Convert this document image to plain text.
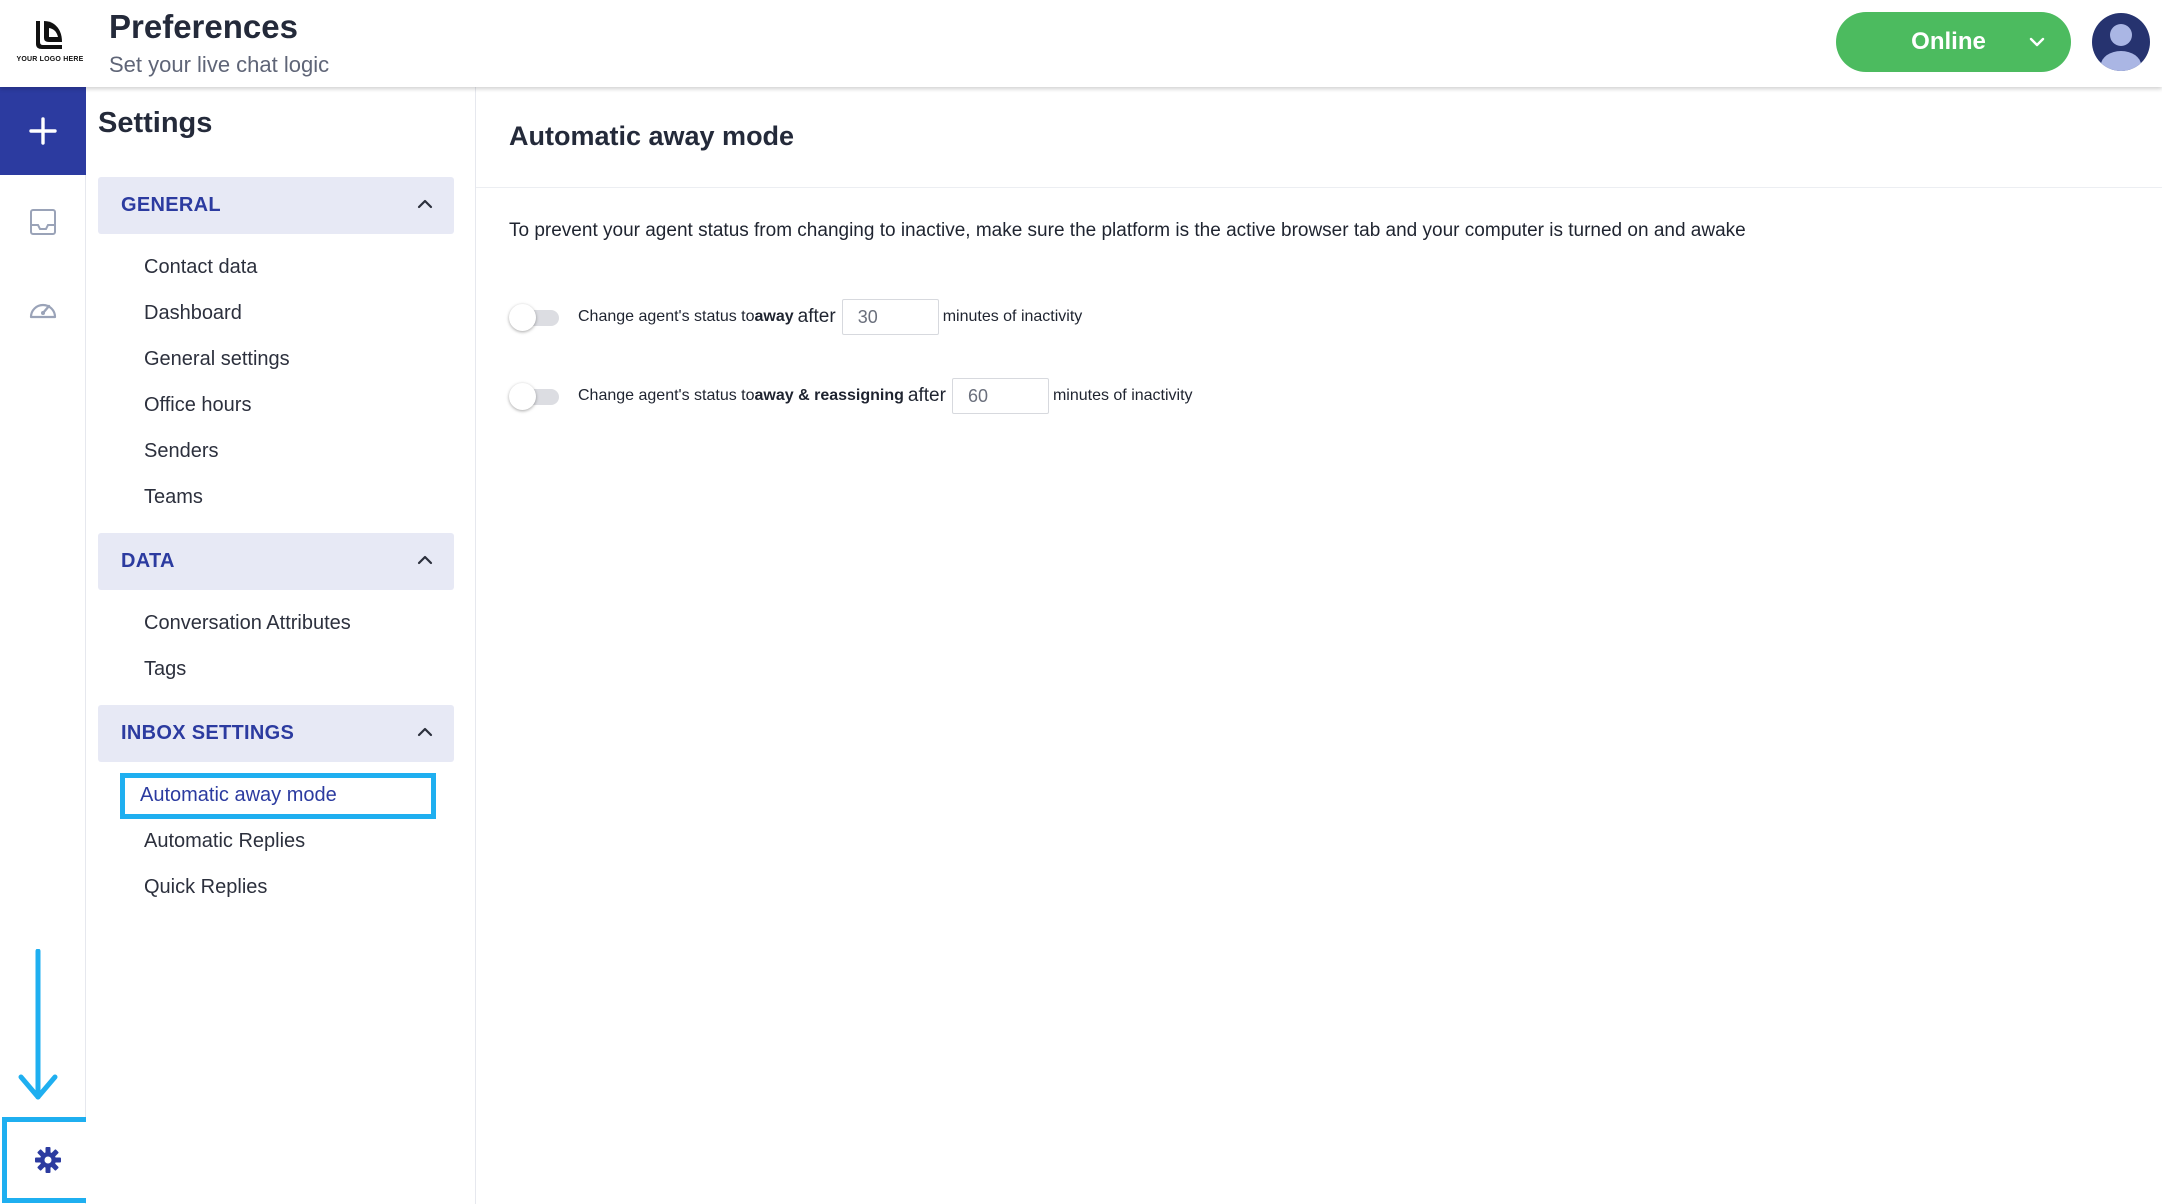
YOUR LOGO HERE
Preferences
Set your live chat logic
Online
Settings
GENERAL
Contact data
Dashboard
General settings
Office hours
Senders
Teams
DATA
Conversation Attributes
Tags
INBOX SETTINGS
Automatic away mode
Automatic Replies
Quick Replies
Automatic away mode
To prevent your agent status from changing to inactive, make sure the platform is the active browser tab and your computer is turned on and awake
Change agent's status to away after
30	minutes of inactivity
Change agent's status to away & reassigning after
60	minutes of inactivity
